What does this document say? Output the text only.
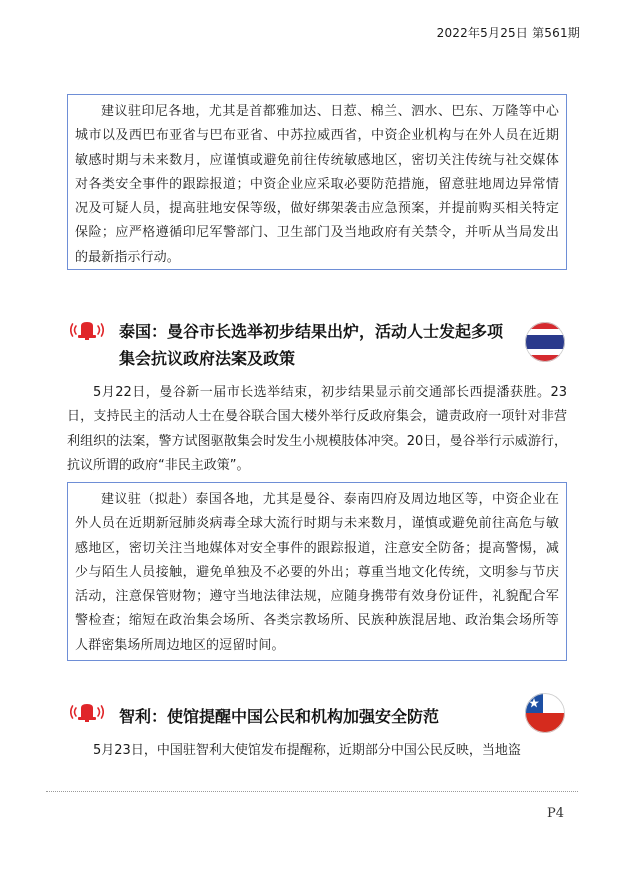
2022年5月25日 第561期

建议驻印尼各地，尤其是首都雅加达、日惹、棉兰、泗水、巴东、万隆等中心城市以及西巴布亚省与巴布亚省、中苏拉威西省，中资企业机构与在外人员在近期敏感时期与未来数月，应谨慎或避免前往传统敏感地区，密切关注传统与社交媒体对各类安全事件的跟踪报道；中资企业应采取必要防范措施，留意驻地周边异常情况及可疑人员，提高驻地安保等级，做好绑架袭击应急预案，并提前购买相关特定保险；应严格遵循印尼军警部门、卫生部门及当地政府有关禁令，并听从当局发出的最新指示行动。

泰国：曼谷市长选举初步结果出炉，活动人士发起多项集会抗议政府法案及政策

5月22日，曼谷新一届市长选举结束，初步结果显示前交通部长西提潘获胜。23日，支持民主的活动人士在曼谷联合国大楼外举行反政府集会，谴责政府一项针对非营利组织的法案，警方试图驱散集会时发生小规模肢体冲突。20日，曼谷举行示威游行，抗议所谓的政府“非民主政策”。

建议驻（拟赴）泰国各地，尤其是曼谷、泰南四府及周边地区等，中资企业在外人员在近期新冠肺炎病毒全球大流行时期与未来数月，谨慎或避免前往高危与敏感地区，密切关注当地媒体对安全事件的跟踪报道，注意安全防备；提高警惕，减少与陌生人员接触，避免单独及不必要的外出；尊重当地文化传统，文明参与节庆活动，注意保管财物；遵守当地法律法规，应随身携带有效身份证件，礼貌配合军警检查；缩短在政治集会场所、各类宗教场所、民族种族混居地、政治集会场所等人群密集场所周边地区的逗留时间。

智利：使馆提醒中国公民和机构加强安全防范

5月23日，中国驻智利大使馆发布提醒称，近期部分中国公民反映，当地盗

P4
